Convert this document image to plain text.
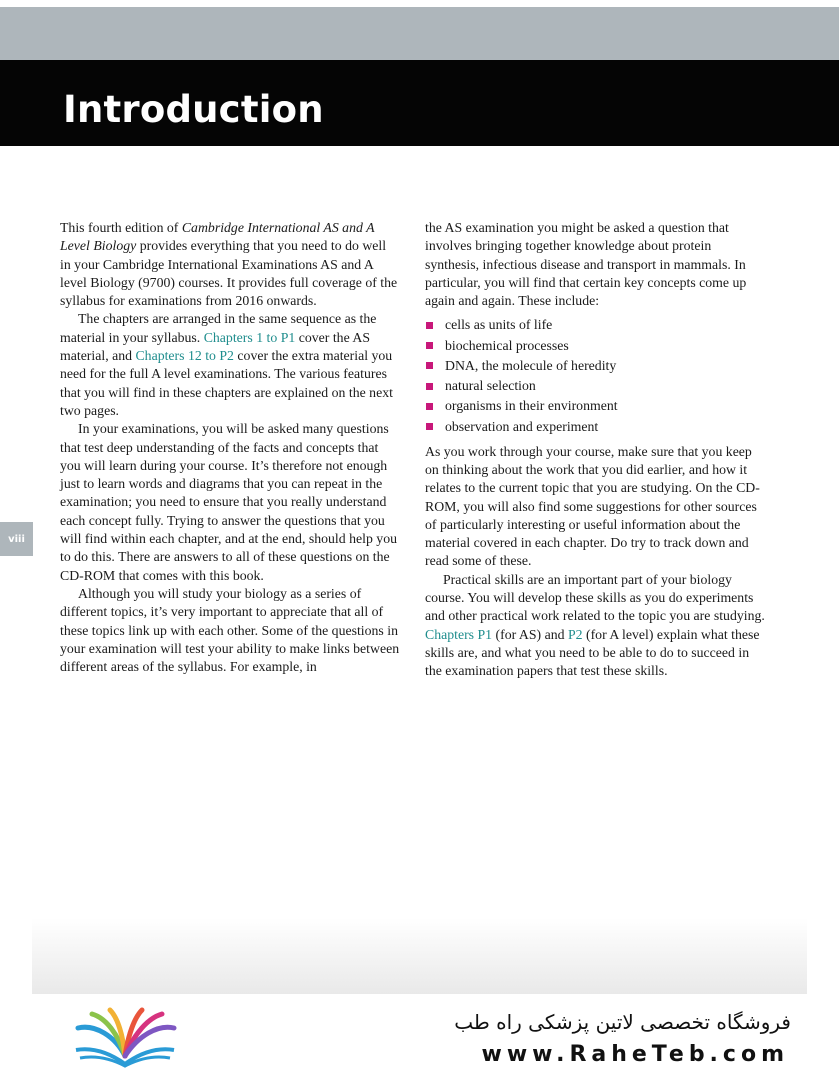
Introduction
viii

This fourth edition of Cambridge International AS and A Level Biology provides everything that you need to do well in your Cambridge International Examinations AS and A level Biology (9700) courses. It provides full coverage of the syllabus for examinations from 2016 onwards.

The chapters are arranged in the same sequence as the material in your syllabus. Chapters 1 to P1 cover the AS material, and Chapters 12 to P2 cover the extra material you need for the full A level examinations. The various features that you will find in these chapters are explained on the next two pages.

In your examinations, you will be asked many questions that test deep understanding of the facts and concepts that you will learn during your course. It’s therefore not enough just to learn words and diagrams that you can repeat in the examination; you need to ensure that you really understand each concept fully. Trying to answer the questions that you will find within each chapter, and at the end, should help you to do this. There are answers to all of these questions on the CD-ROM that comes with this book.

Although you will study your biology as a series of different topics, it’s very important to appreciate that all of these topics link up with each other. Some of the questions in your examination will test your ability to make links between different areas of the syllabus. For example, in

the AS examination you might be asked a question that involves bringing together knowledge about protein synthesis, infectious disease and transport in mammals. In particular, you will find that certain key concepts come up again and again. These include:

cells as units of life
biochemical processes
DNA, the molecule of heredity
natural selection
organisms in their environment
observation and experiment

As you work through your course, make sure that you keep on thinking about the work that you did earlier, and how it relates to the current topic that you are studying. On the CD-ROM, you will also find some suggestions for other sources of particularly interesting or useful information about the material covered in each chapter. Do try to track down and read some of these.

Practical skills are an important part of your biology course. You will develop these skills as you do experiments and other practical work related to the topic you are studying. Chapters P1 (for AS) and P2 (for A level) explain what these skills are, and what you need to be able to do to succeed in the examination papers that test these skills.

فروشگاه تخصصی لاتین پزشکی راه طب
www.RaheTeb.com
